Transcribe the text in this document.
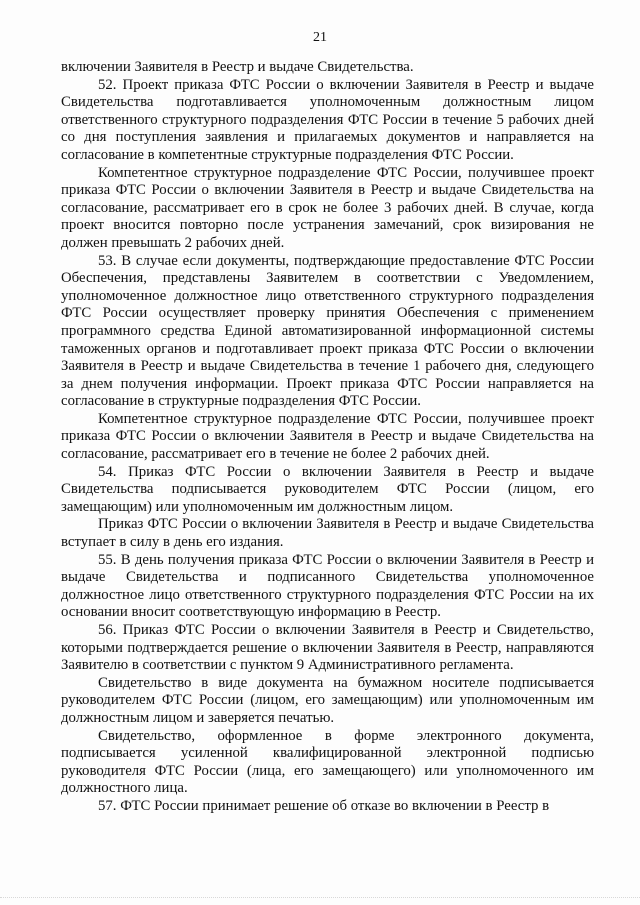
21

включении Заявителя в Реестр и выдаче Свидетельства.

52. Проект приказа ФТС России о включении Заявителя в Реестр и выдаче Свидетельства подготавливается уполномоченным должностным лицом ответственного структурного подразделения ФТС России в течение 5 рабочих дней со дня поступления заявления и прилагаемых документов и направляется на согласование в компетентные структурные подразделения ФТС России.

Компетентное структурное подразделение ФТС России, получившее проект приказа ФТС России о включении Заявителя в Реестр и выдаче Свидетельства на согласование, рассматривает его в срок не более 3 рабочих дней. В случае, когда проект вносится повторно после устранения замечаний, срок визирования не должен превышать 2 рабочих дней.

53. В случае если документы, подтверждающие предоставление ФТС России Обеспечения, представлены Заявителем в соответствии с Уведомлением, уполномоченное должностное лицо ответственного структурного подразделения ФТС России осуществляет проверку принятия Обеспечения с применением программного средства Единой автоматизированной информационной системы таможенных органов и подготавливает проект приказа ФТС России о включении Заявителя в Реестр и выдаче Свидетельства в течение 1 рабочего дня, следующего за днем получения информации. Проект приказа ФТС России направляется на согласование в структурные подразделения ФТС России.

Компетентное структурное подразделение ФТС России, получившее проект приказа ФТС России о включении Заявителя в Реестр и выдаче Свидетельства на согласование, рассматривает его в течение не более 2 рабочих дней.

54. Приказ ФТС России о включении Заявителя в Реестр и выдаче Свидетельства подписывается руководителем ФТС России (лицом, его замещающим) или уполномоченным им должностным лицом.

Приказ ФТС России о включении Заявителя в Реестр и выдаче Свидетельства вступает в силу в день его издания.

55. В день получения приказа ФТС России о включении Заявителя в Реестр и выдаче Свидетельства и подписанного Свидетельства уполномоченное должностное лицо ответственного структурного подразделения ФТС России на их основании вносит соответствующую информацию в Реестр.

56. Приказ ФТС России о включении Заявителя в Реестр и Свидетельство, которыми подтверждается решение о включении Заявителя в Реестр, направляются Заявителю в соответствии с пунктом 9 Административного регламента.

Свидетельство в виде документа на бумажном носителе подписывается руководителем ФТС России (лицом, его замещающим) или уполномоченным им должностным лицом и заверяется печатью.

Свидетельство, оформленное в форме электронного документа, подписывается усиленной квалифицированной электронной подписью руководителя ФТС России (лица, его замещающего) или уполномоченного им должностного лица.

57. ФТС России принимает решение об отказе во включении в Реестр в
